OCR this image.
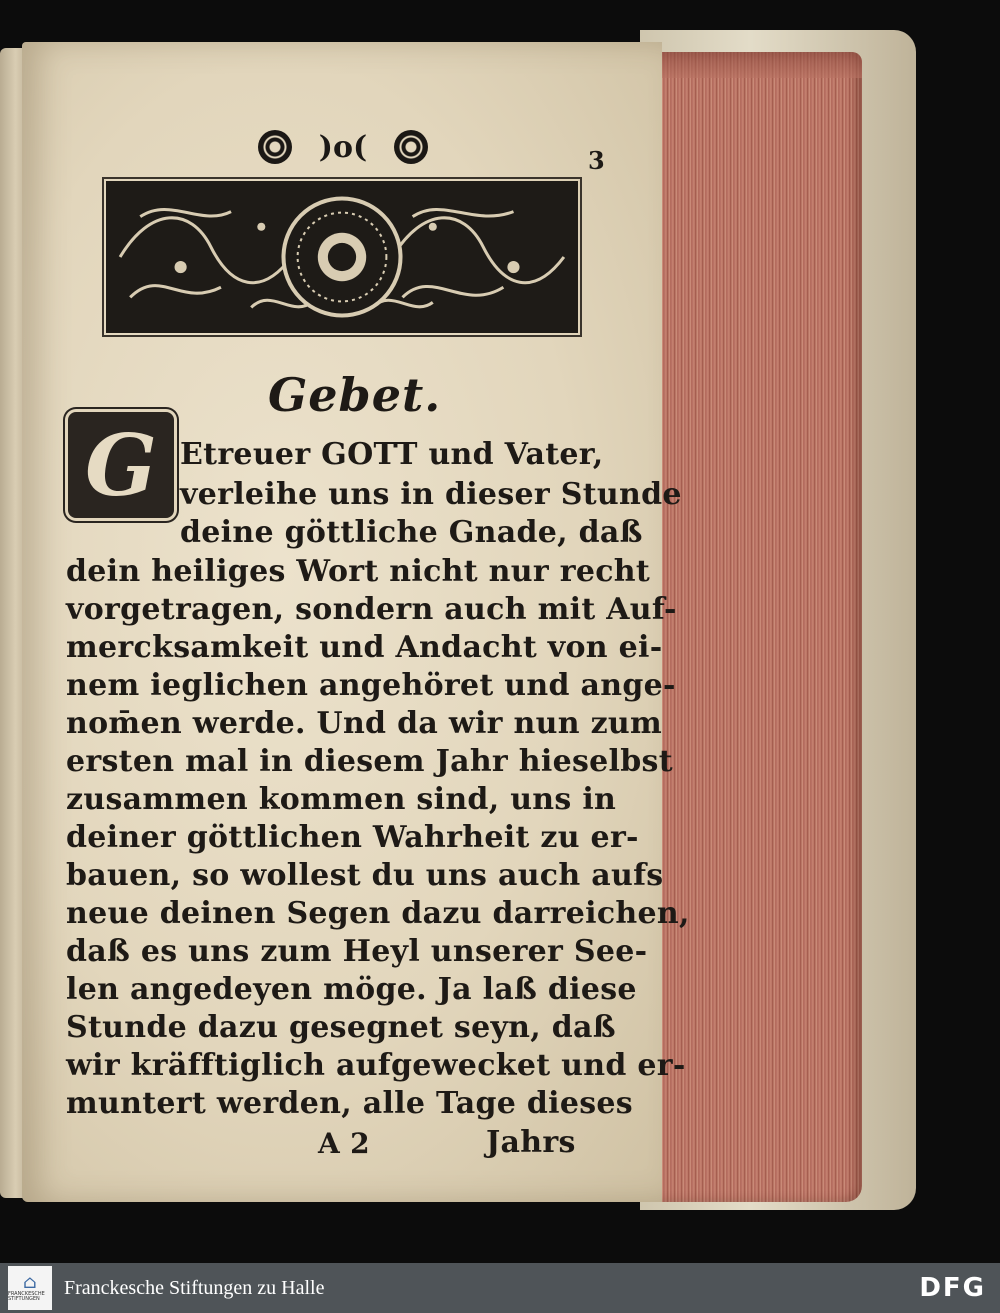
)o(	3
Gebet.
G Etreuer GOTT und Vater,
verleihe uns in dieser Stunde
deine göttliche Gnade, daß
dein heiliges Wort nicht nur recht
vorgetragen, sondern auch mit Auf-
mercksamkeit und Andacht von ei-
nem ieglichen angehöret und ange-
nom̄en werde. Und da wir nun zum
ersten mal in diesem Jahr hieselbst
zusammen kommen sind, uns in
deiner göttlichen Wahrheit zu er-
bauen, so wollest du uns auch aufs
neue deinen Segen dazu darreichen,
daß es uns zum Heyl unserer See-
len angedeyen möge. Ja laß diese
Stunde dazu gesegnet seyn, daß
wir kräfftiglich aufgewecket und er-
muntert werden, alle Tage dieses
A 2	Jahrs
⌂
FRANCKESCHE STIFTUNGEN
Franckesche Stiftungen zu Halle	DFG
